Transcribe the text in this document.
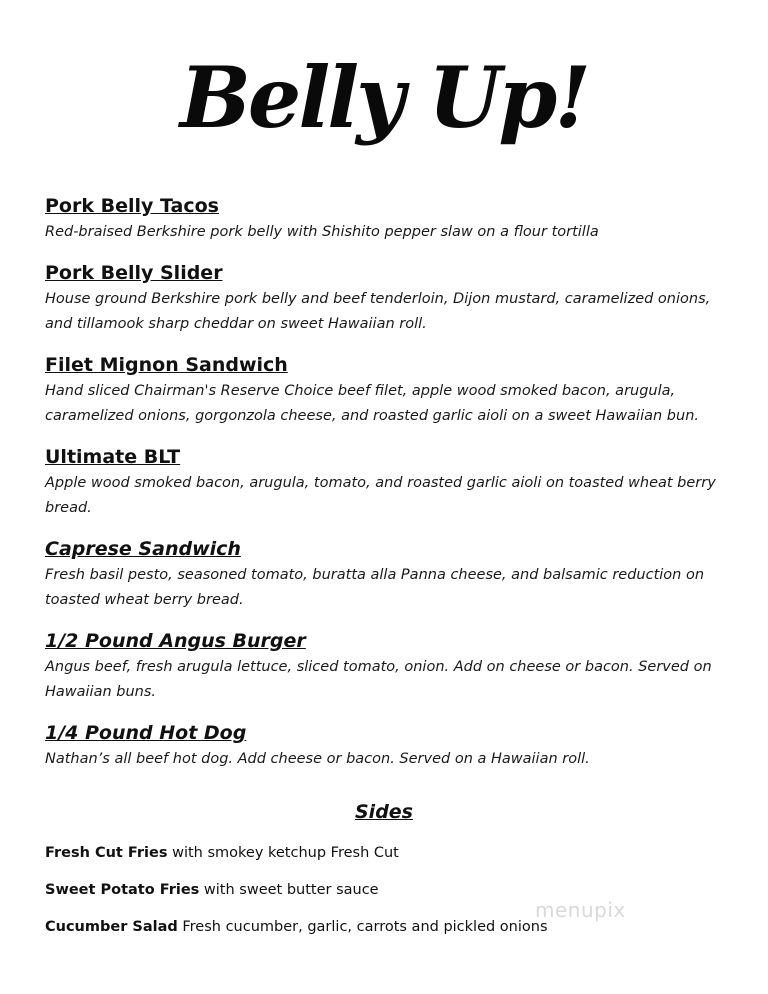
Belly Up!

Pork Belly Tacos

Red-braised Berkshire pork belly with Shishito pepper slaw on a flour tortilla

Pork Belly Slider

House ground Berkshire pork belly and beef tenderloin, Dijon mustard, caramelized onions, and tillamook sharp cheddar on sweet Hawaiian roll.

Filet Mignon Sandwich

Hand sliced Chairman's Reserve Choice beef filet, apple wood smoked bacon, arugula, caramelized onions, gorgonzola cheese, and roasted garlic aioli on a sweet Hawaiian bun.

Ultimate BLT

Apple wood smoked bacon, arugula, tomato, and roasted garlic aioli on toasted wheat berry bread.

Caprese Sandwich

Fresh basil pesto, seasoned tomato, buratta alla Panna cheese, and balsamic reduction on toasted wheat berry bread.

1/2 Pound Angus Burger

Angus beef, fresh arugula lettuce, sliced tomato, onion. Add on cheese or bacon. Served on Hawaiian buns.

1/4 Pound Hot Dog

Nathan’s all beef hot dog. Add cheese or bacon. Served on a Hawaiian roll.

Sides

Fresh Cut Fries with smokey ketchup Fresh Cut

Sweet Potato Fries with sweet butter sauce

Cucumber Salad Fresh cucumber, garlic, carrots and pickled onions

menupix
